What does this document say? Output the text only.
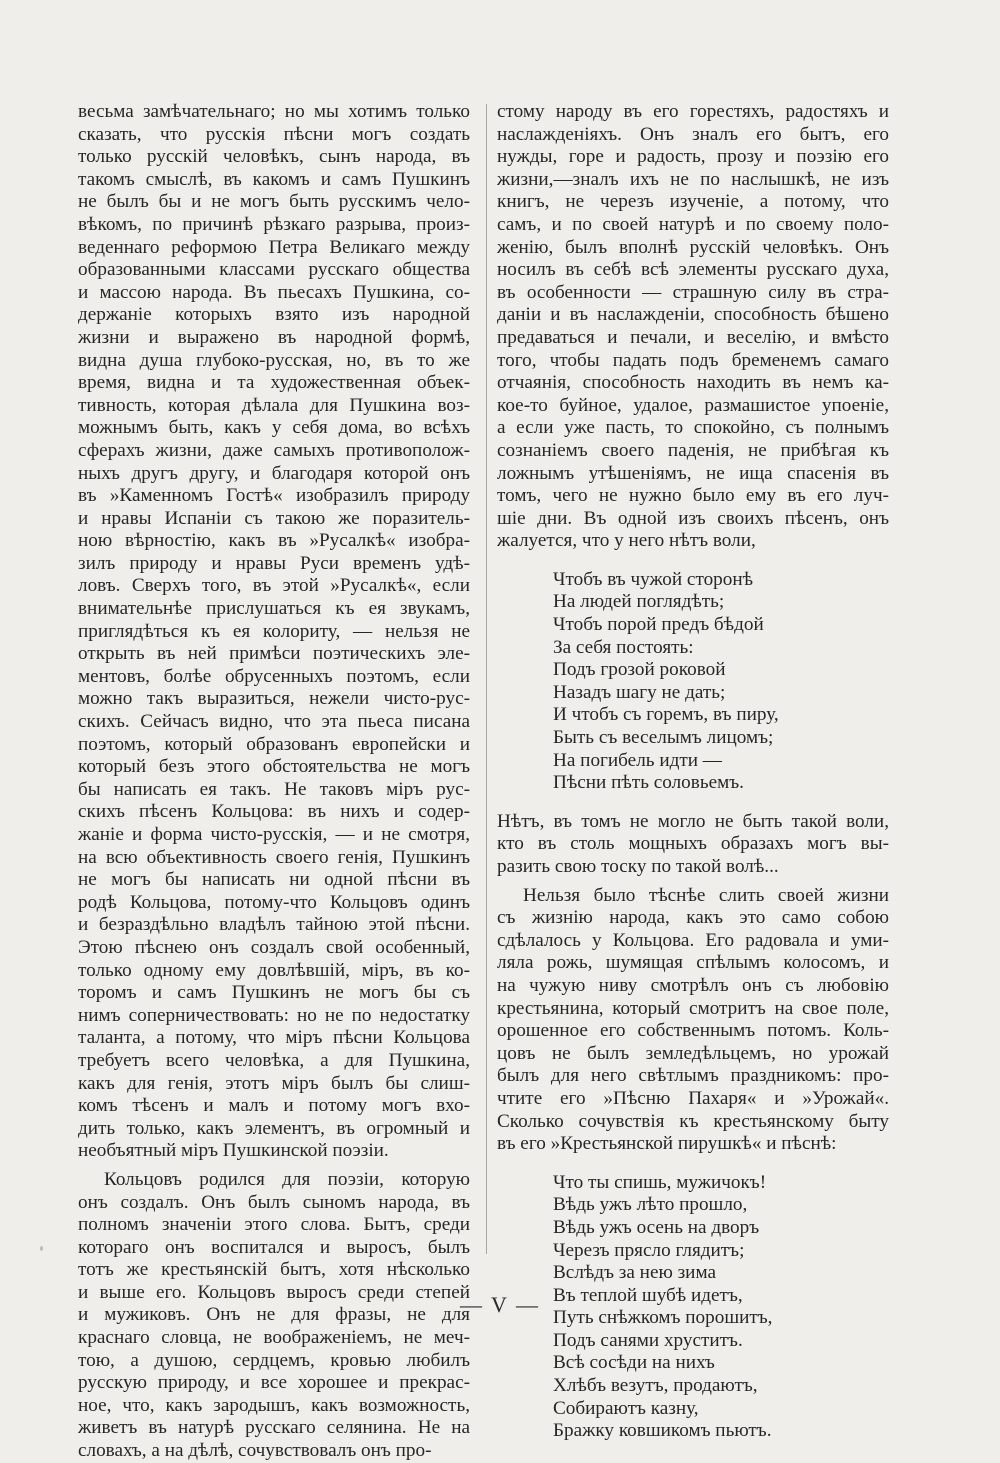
весьма замѣчательнаго; но мы хотимъ только
сказать, что русскія пѣсни могъ создать
только русскій человѣкъ, сынъ народа, въ
такомъ смыслѣ, въ какомъ и самъ Пушкинъ
не былъ бы и не могъ быть русскимъ чело-
вѣкомъ, по причинѣ рѣзкаго разрыва, произ-
веденнаго реформою Петра Великаго между
образованными классами русскаго общества
и массою народа. Въ пьесахъ Пушкина, со-
держаніе которыхъ взято изъ народной
жизни и выражено въ народной формѣ,
видна душа глубоко-русская, но, въ то же
время, видна и та художественная объек-
тивность, которая дѣлала для Пушкина воз-
можнымъ быть, какъ у себя дома, во всѣхъ
сферахъ жизни, даже самыхъ противополож-
ныхъ другъ другу, и благодаря которой онъ
въ »Каменномъ Гостѣ« изобразилъ природу
и нравы Испаніи съ такою же поразитель-
ною вѣрностію, какъ въ »Русалкѣ« изобра-
зилъ природу и нравы Руси временъ удѣ-
ловъ. Сверхъ того, въ этой »Русалкѣ«, если
внимательнѣе прислушаться къ ея звукамъ,
приглядѣться къ ея колориту, — нельзя не
открыть въ ней примѣси поэтическихъ эле-
ментовъ, болѣе обрусенныхъ поэтомъ, если
можно такъ выразиться, нежели чисто-рус-
скихъ. Сейчасъ видно, что эта пьеса писана
поэтомъ, который образованъ европейски и
который безъ этого обстоятельства не могъ
бы написать ея такъ. Не таковъ міръ рус-
скихъ пѣсенъ Кольцова: въ нихъ и содер-
жаніе и форма чисто-русскія, — и не смотря,
на всю объективность своего генія, Пушкинъ
не могъ бы написать ни одной пѣсни въ
родѣ Кольцова, потому-что Кольцовъ одинъ
и безраздѣльно владѣлъ тайною этой пѣсни.
Этою пѣснею онъ создалъ свой особенный,
только одному ему довлѣвшій, міръ, въ ко-
торомъ и самъ Пушкинъ не могъ бы съ
нимъ соперничествовать: но не по недостатку
таланта, а потому, что міръ пѣсни Кольцова
требуетъ всего человѣка, а для Пушкина,
какъ для генія, этотъ міръ былъ бы слиш-
комъ тѣсенъ и малъ и потому могъ вхо-
дить только, какъ элементъ, въ огромный и
необъятный міръ Пушкинской поэзіи.
Кольцовъ родился для поэзіи, которую
онъ создалъ. Онъ былъ сыномъ народа, въ
полномъ значеніи этого слова. Бытъ, среди
котораго онъ воспитался и выросъ, былъ
тотъ же крестьянскій бытъ, хотя нѣсколько
и выше его. Кольцовъ выросъ среди степей
и мужиковъ. Онъ не для фразы, не для
краснаго словца, не воображеніемъ, не меч-
тою, а душою, сердцемъ, кровью любилъ
русскую природу, и все хорошее и прекрас-
ное, что, какъ зародышъ, какъ возможность,
живетъ въ натурѣ русскаго селянина. Не на
словахъ, а на дѣлѣ, сочувствовалъ онъ про-
стому народу въ его горестяхъ, радостяхъ и
наслажденіяхъ. Онъ зналъ его бытъ, его
нужды, горе и радость, прозу и поэзію его
жизни,—зналъ ихъ не по наслышкѣ, не изъ
книгъ, не черезъ изученіе, а потому, что
самъ, и по своей натурѣ и по своему поло-
женію, былъ вполнѣ русскій человѣкъ. Онъ
носилъ въ себѣ всѣ элементы русскаго духа,
въ особенности — страшную силу въ стра-
даніи и въ наслажденіи, способность бѣшено
предаваться и печали, и веселію, и вмѣсто
того, чтобы падать подъ бременемъ самаго
отчаянія, способность находить въ немъ ка-
кое-то буйное, удалое, размашистое упоеніе,
а если уже пасть, то спокойно, съ полнымъ
сознаніемъ своего паденія, не прибѣгая къ
ложнымъ утѣшеніямъ, не ища спасенія въ
томъ, чего не нужно было ему въ его луч-
шіе дни. Въ одной изъ своихъ пѣсенъ, онъ
жалуется, что у него нѣтъ воли,
Чтобъ въ чужой сторонѣ
На людей поглядѣть;
Чтобъ порой предъ бѣдой
За себя постоять:
Подъ грозой роковой
Назадъ шагу не дать;
И чтобъ съ горемъ, въ пиру,
Быть съ веселымъ лицомъ;
На погибель идти —
Пѣсни пѣть соловьемъ.
Нѣтъ, въ томъ не могло не быть такой воли,
кто въ столь мощныхъ образахъ могъ вы-
разить свою тоску по такой волѣ...
Нельзя было тѣснѣе слить своей жизни
съ жизнію народа, какъ это само собою
сдѣлалось у Кольцова. Его радовала и уми-
ляла рожь, шумящая спѣлымъ колосомъ, и
на чужую ниву смотрѣлъ онъ съ любовію
крестьянина, который смотритъ на свое поле,
орошенное его собственнымъ потомъ. Коль-
цовъ не былъ земледѣльцемъ, но урожай
былъ для него свѣтлымъ праздникомъ: про-
чтите его »Пѣсню Пахаря« и »Урожай«.
Сколько сочувствія къ крестьянскому быту
въ его »Крестьянской пирушкѣ« и пѣснѣ:
Что ты спишь, мужичокъ!
Вѣдь ужъ лѣто прошло,
Вѣдь ужъ осень на дворъ
Черезъ прясло глядитъ;
Вслѣдъ за нею зима
Въ теплой шубѣ идетъ,
Путь снѣжкомъ порошитъ,
Подъ санями хруститъ.
Всѣ сосѣди на нихъ
Хлѣбъ везутъ, продаютъ,
Собираютъ казну,
Бражку ковшикомъ пьютъ.
— V —
